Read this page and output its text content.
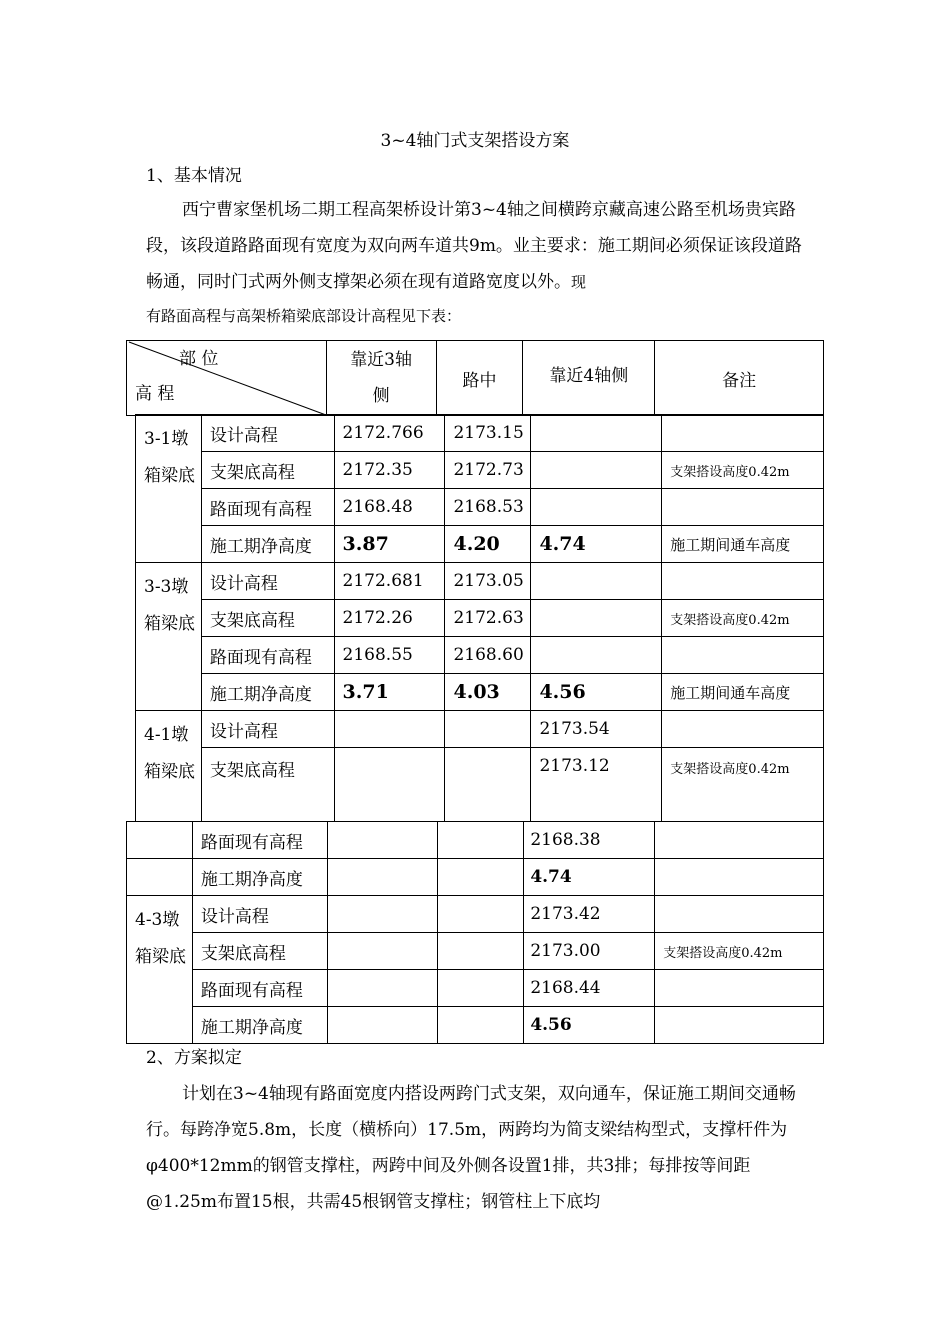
3~4轴门式支架搭设方案
1、基本情况

西宁曹家堡机场二期工程高架桥设计第3~4轴之间横跨京藏高速公路至机场贵宾路段，该段道路路面现有宽度为双向两车道共9m。业主要求：施工期间必须保证该段道路畅通，同时门式两外侧支撑架必须在现有道路宽度以外。现

有路面高程与高架桥箱梁底部设计高程见下表：

部 位
高 程
	靠近3轴侧	路中	靠近4轴侧	备注
3-1墩箱梁底	设计高程	2172.766	2173.15		
	支架底高程	2172.35	2172.73		支架搭设高度0.42m
	路面现有高程	2168.48	2168.53		
	施工期净高度	3.87	4.20	4.74	施工期间通车高度
3-3墩箱梁底	设计高程	2172.681	2173.05		
	支架底高程	2172.26	2172.63		支架搭设高度0.42m
	路面现有高程	2168.55	2168.60		
	施工期净高度	3.71	4.03	4.56	施工期间通车高度
4-1墩箱梁底	设计高程			2173.54	
	支架底高程			2173.12	支架搭设高度0.42m
	路面现有高程			2168.38	
	施工期净高度			4.74	
4-3墩箱梁底	设计高程			2173.42	
	支架底高程			2173.00	支架搭设高度0.42m
	路面现有高程			2168.44	
	施工期净高度			4.56	
2、方案拟定

计划在3~4轴现有路面宽度内搭设两跨门式支架，双向通车，保证施工期间交通畅行。每跨净宽5.8m，长度（横桥向）17.5m，两跨均为简支梁结构型式，支撑杆件为φ400*12mm的钢管支撑柱，两跨中间及外侧各设置1排，共3排；每排按等间距@1.25m布置15根，共需45根钢管支撑柱；钢管柱上下底均
